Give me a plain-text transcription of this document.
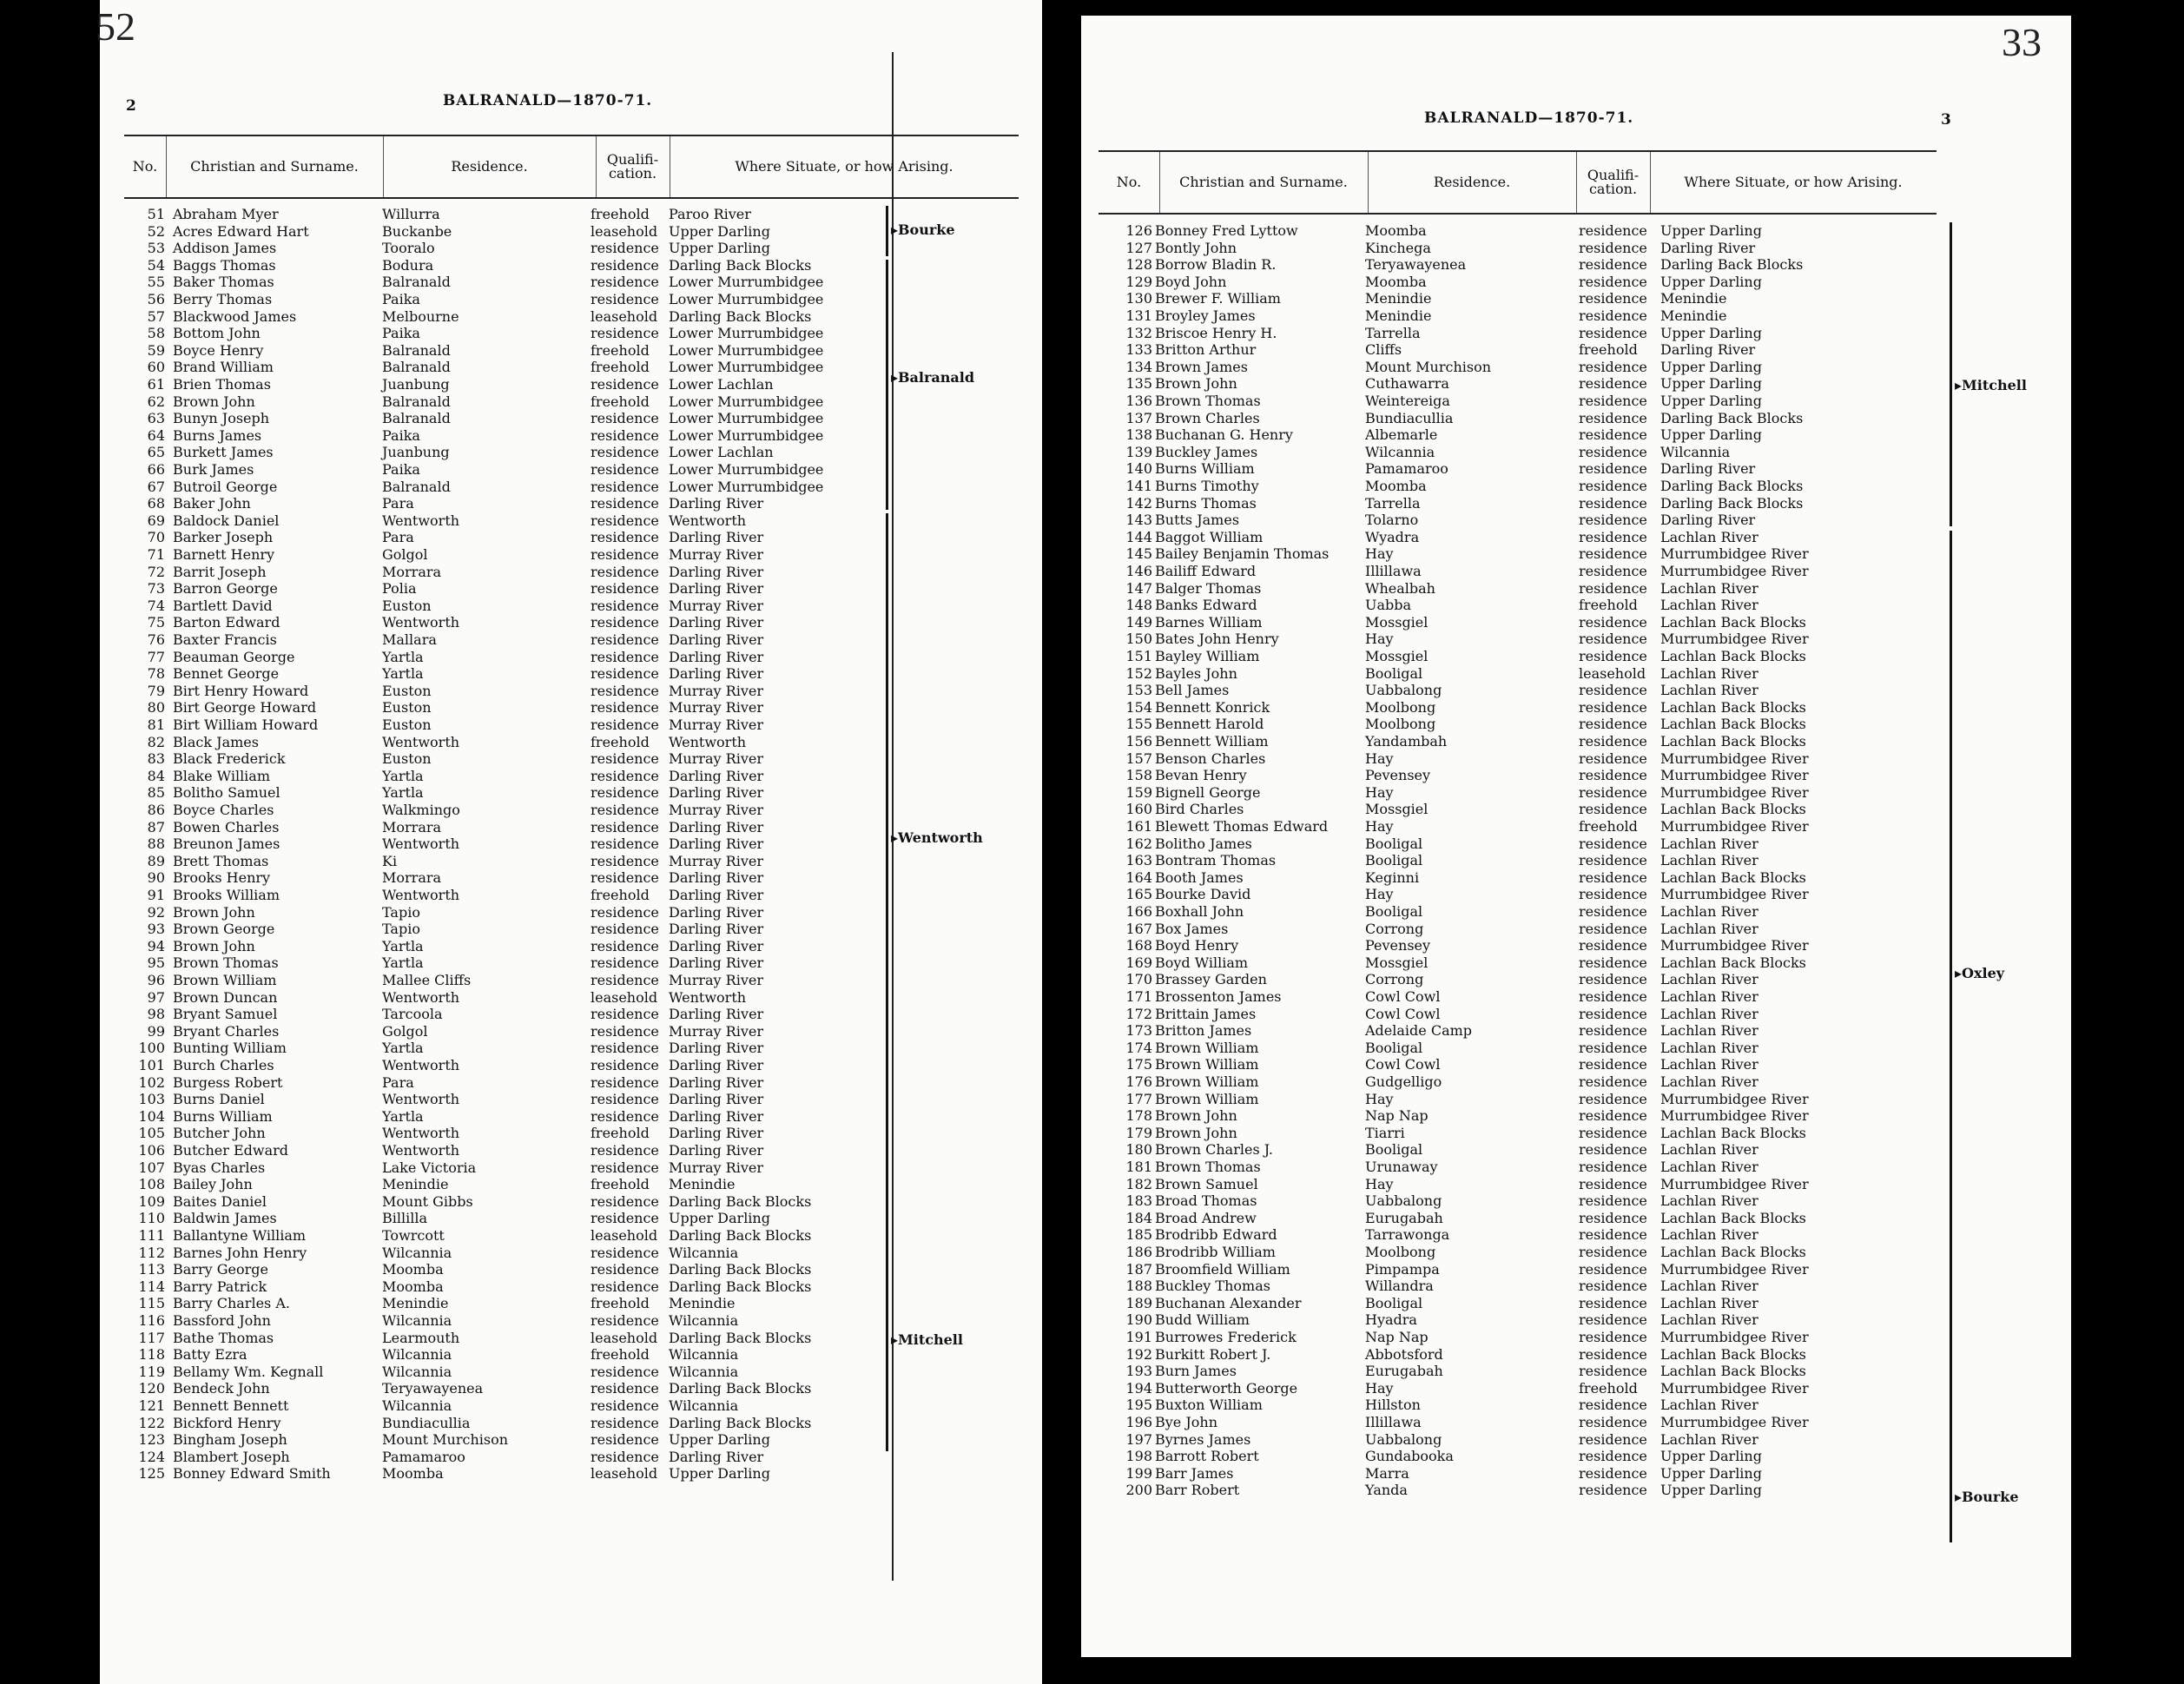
52
2	BALRANALD—1870-71.
No.	Christian and Surname.	Residence.	Qualifi-
cation.	Where Situate, or how Arising.
51 Abraham Myer	Willurra	freehold Paroo River
52 Acres Edward Hart	Buckanbe	leasehold Upper Darling
53 Addison James	Tooralo	residence Upper Darling
54 Baggs Thomas	Bodura	residence Darling Back Blocks
55 Baker Thomas	Balranald	residence Lower Murrumbidgee
56 Berry Thomas	Paika	residence Lower Murrumbidgee
57 Blackwood James	Melbourne	leasehold Darling Back Blocks
58 Bottom John	Paika	residence Lower Murrumbidgee
59 Boyce Henry	Balranald	freehold Lower Murrumbidgee
60 Brand William	Balranald	freehold Lower Murrumbidgee
61 Brien Thomas	Juanbung	residence Lower Lachlan
62 Brown John	Balranald	freehold Lower Murrumbidgee
63 Bunyn Joseph	Balranald	residence Lower Murrumbidgee
64 Burns James	Paika	residence Lower Murrumbidgee
65 Burkett James	Juanbung	residence Lower Lachlan
66 Burk James	Paika	residence Lower Murrumbidgee
67 Butroil George	Balranald	residence Lower Murrumbidgee
68 Baker John	Para	residence Darling River
69 Baldock Daniel	Wentworth	residence Wentworth
70 Barker Joseph	Para	residence Darling River
71 Barnett Henry	Golgol	residence Murray River
72 Barrit Joseph	Morrara	residence Darling River
73 Barron George	Polia	residence Darling River
74 Bartlett David	Euston	residence Murray River
75 Barton Edward	Wentworth	residence Darling River
76 Baxter Francis	Mallara	residence Darling River
77 Beauman George	Yartla	residence Darling River
78 Bennet George	Yartla	residence Darling River
79 Birt Henry Howard	Euston	residence Murray River
80 Birt George Howard	Euston	residence Murray River
81 Birt William Howard	Euston	residence Murray River
82 Black James	Wentworth	freehold Wentworth
83 Black Frederick	Euston	residence Murray River
84 Blake William	Yartla	residence Darling River
85 Bolitho Samuel	Yartla	residence Darling River
86 Boyce Charles	Walkmingo	residence Murray River
87 Bowen Charles	Morrara	residence Darling River
88 Breunon James	Wentworth	residence Darling River
89 Brett Thomas	Ki	residence Murray River
90 Brooks Henry	Morrara	residence Darling River
91 Brooks William	Wentworth	freehold Darling River
92 Brown John	Tapio	residence Darling River
93 Brown George	Tapio	residence Darling River
94 Brown John	Yartla	residence Darling River
95 Brown Thomas	Yartla	residence Darling River
96 Brown William	Mallee Cliffs	residence Murray River
97 Brown Duncan	Wentworth	leasehold Wentworth
98 Bryant Samuel	Tarcoola	residence Darling River
99 Bryant Charles	Golgol	residence Murray River
100 Bunting William	Yartla	residence Darling River
101 Burch Charles	Wentworth	residence Darling River
102 Burgess Robert	Para	residence Darling River
103 Burns Daniel	Wentworth	residence Darling River
104 Burns William	Yartla	residence Darling River
105 Butcher John	Wentworth	freehold Darling River
106 Butcher Edward	Wentworth	residence Darling River
107 Byas Charles	Lake Victoria	residence Murray River
108 Bailey John	Menindie	freehold Menindie
109 Baites Daniel	Mount Gibbs	residence Darling Back Blocks
110 Baldwin James	Billilla	residence Upper Darling
111 Ballantyne William	Towrcott	leasehold Darling Back Blocks
112 Barnes John Henry	Wilcannia	residence Wilcannia
113 Barry George	Moomba	residence Darling Back Blocks
114 Barry Patrick	Moomba	residence Darling Back Blocks
115 Barry Charles A.	Menindie	freehold Menindie
116 Bassford John	Wilcannia	residence Wilcannia
117 Bathe Thomas	Learmouth	leasehold Darling Back Blocks
118 Batty Ezra	Wilcannia	freehold Wilcannia
119 Bellamy Wm. Kegnall	Wilcannia	residence Wilcannia
120 Bendeck John	Teryawayenea	residence Darling Back Blocks
121 Bennett Bennett	Wilcannia	residence Wilcannia
122 Bickford Henry	Bundiacullia	residence Darling Back Blocks
123 Bingham Joseph	Mount Murchison	residence Upper Darling
124 Blambert Joseph	Pamamaroo	residence Darling River
125 Bonney Edward Smith	Moomba	leasehold Upper Darling
▸Bourke
▸Balranald
▸Wentworth
▸Mitchell
33
BALRANALD—1870-71.	3
No.	Christian and Surname.	Residence.	Qualifi-
cation.	Where Situate, or how Arising.
126 Bonney Fred Lyttow	Moomba	residence Upper Darling
127 Bontly John	Kinchega	residence Darling River
128 Borrow Bladin R.	Teryawayenea	residence Darling Back Blocks
129 Boyd John	Moomba	residence Upper Darling
130 Brewer F. William	Menindie	residence Menindie
131 Broyley James	Menindie	residence Menindie
132 Briscoe Henry H.	Tarrella	residence Upper Darling
133 Britton Arthur	Cliffs	freehold Darling River
134 Brown James	Mount Murchison	residence Upper Darling
135 Brown John	Cuthawarra	residence Upper Darling
136 Brown Thomas	Weintereiga	residence Upper Darling
137 Brown Charles	Bundiacullia	residence Darling Back Blocks
138 Buchanan G. Henry	Albemarle	residence Upper Darling
139 Buckley James	Wilcannia	residence Wilcannia
140 Burns William	Pamamaroo	residence Darling River
141 Burns Timothy	Moomba	residence Darling Back Blocks
142 Burns Thomas	Tarrella	residence Darling Back Blocks
143 Butts James	Tolarno	residence Darling River
144 Baggot William	Wyadra	residence Lachlan River
145 Bailey Benjamin Thomas	Hay	residence Murrumbidgee River
146 Bailiff Edward	Illillawa	residence Murrumbidgee River
147 Balger Thomas	Whealbah	residence Lachlan River
148 Banks Edward	Uabba	freehold Lachlan River
149 Barnes William	Mossgiel	residence Lachlan Back Blocks
150 Bates John Henry	Hay	residence Murrumbidgee River
151 Bayley William	Mossgiel	residence Lachlan Back Blocks
152 Bayles John	Booligal	leasehold Lachlan River
153 Bell James	Uabbalong	residence Lachlan River
154 Bennett Konrick	Moolbong	residence Lachlan Back Blocks
155 Bennett Harold	Moolbong	residence Lachlan Back Blocks
156 Bennett William	Yandambah	residence Lachlan Back Blocks
157 Benson Charles	Hay	residence Murrumbidgee River
158 Bevan Henry	Pevensey	residence Murrumbidgee River
159 Bignell George	Hay	residence Murrumbidgee River
160 Bird Charles	Mossgiel	residence Lachlan Back Blocks
161 Blewett Thomas Edward	Hay	freehold Murrumbidgee River
162 Bolitho James	Booligal	residence Lachlan River
163 Bontram Thomas	Booligal	residence Lachlan River
164 Booth James	Keginni	residence Lachlan Back Blocks
165 Bourke David	Hay	residence Murrumbidgee River
166 Boxhall John	Booligal	residence Lachlan River
167 Box James	Corrong	residence Lachlan River
168 Boyd Henry	Pevensey	residence Murrumbidgee River
169 Boyd William	Mossgiel	residence Lachlan Back Blocks
170 Brassey Garden	Corrong	residence Lachlan River
171 Brossenton James	Cowl Cowl	residence Lachlan River
172 Brittain James	Cowl Cowl	residence Lachlan River
173 Britton James	Adelaide Camp	residence Lachlan River
174 Brown William	Booligal	residence Lachlan River
175 Brown William	Cowl Cowl	residence Lachlan River
176 Brown William	Gudgelligo	residence Lachlan River
177 Brown William	Hay	residence Murrumbidgee River
178 Brown John	Nap Nap	residence Murrumbidgee River
179 Brown John	Tiarri	residence Lachlan Back Blocks
180 Brown Charles J.	Booligal	residence Lachlan River
181 Brown Thomas	Urunaway	residence Lachlan River
182 Brown Samuel	Hay	residence Murrumbidgee River
183 Broad Thomas	Uabbalong	residence Lachlan River
184 Broad Andrew	Eurugabah	residence Lachlan Back Blocks
185 Brodribb Edward	Tarrawonga	residence Lachlan River
186 Brodribb William	Moolbong	residence Lachlan Back Blocks
187 Broomfield William	Pimpampa	residence Murrumbidgee River
188 Buckley Thomas	Willandra	residence Lachlan River
189 Buchanan Alexander	Booligal	residence Lachlan River
190 Budd William	Hyadra	residence Lachlan River
191 Burrowes Frederick	Nap Nap	residence Murrumbidgee River
192 Burkitt Robert J.	Abbotsford	residence Lachlan Back Blocks
193 Burn James	Eurugabah	residence Lachlan Back Blocks
194 Butterworth George	Hay	freehold Murrumbidgee River
195 Buxton William	Hillston	residence Lachlan River
196 Bye John	Illillawa	residence Murrumbidgee River
197 Byrnes James	Uabbalong	residence Lachlan River
198 Barrott Robert	Gundabooka	residence Upper Darling
199 Barr James	Marra	residence Upper Darling
200 Barr Robert	Yanda	residence Upper Darling
▸Mitchell
▸Oxley
▸Bourke
